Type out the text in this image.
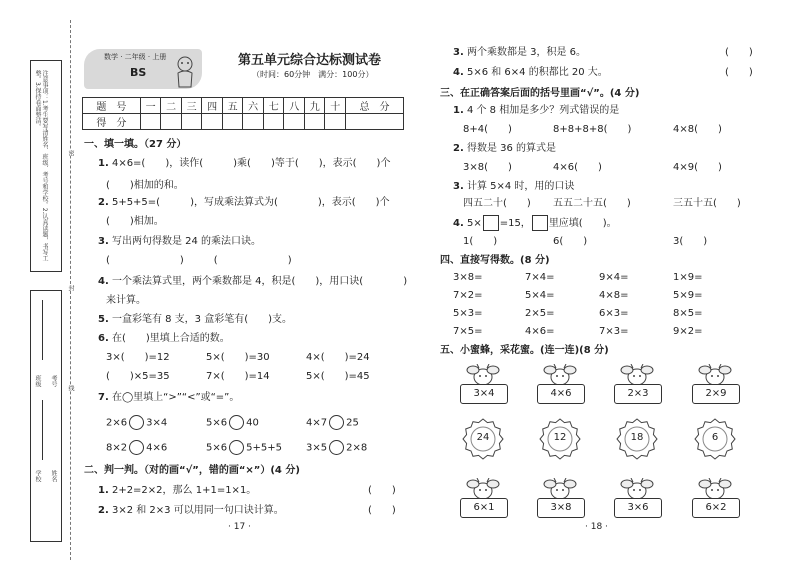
注意事项：1.考生要写清姓名、班级、考号和学校。2.认真读题，书写工整。3.保持卷面整洁。
班级 考号
学校 姓名
密
封
线
数学 · 二年级 · 上册
BS
第五单元综合达标测试卷
（时间：60分钟　满分：100分）
题　号	一	二	三	四	五	六	七	八	九	十	总　分
得　分											
一、填一填。（27 分）
1. 4×6=(　　)，读作(　　　)乘(　　)等于(　　)，表示(　　)个
(　　)相加的和。
2. 5+5+5=(　　　)，写成乘法算式为(　　　　)，表示(　　)个
(　　)相加。
3. 写出两句得数是 24 的乘法口诀。
(　　　　　　　)　　　(　　　　　　　)
4. 一个乘法算式里，两个乘数都是 4，积是(　　)，用口诀(　　　　)
来计算。
5. 一盒彩笔有 8 支，3 盒彩笔有(　　)支。
6. 在(　　)里填上合适的数。
3×(　　)=12	5×(　　)=30	4×(　　)=24
(　　)×5=35	7×(　　)=14	5×(　　)=45
7. 在◯里填上“>”“<”或“=”。
2×6 3×4	5×6 40	4×7 25
8×2 4×6	5×6 5+5+5 3×5 2×8
二、判一判。（对的画“√”，错的画“×”）(4 分)
1. 2+2=2×2，那么 1+1=1×1。	(　　)
2. 3×2 和 2×3 可以用同一句口诀计算。	(　　)
· 17 ·
3. 两个乘数都是 3，积是 6。	(　　)
4. 5×6 和 6×4 的积都比 20 大。	(　　)
三、在正确答案后面的括号里画“√”。(4 分)
1. 4 个 8 相加是多少？列式错误的是
8+4(　　)	8+8+8+8(　　)	4×8(　　)
2. 得数是 36 的算式是
3×8(　　)	4×6(　　)	4×9(　　)
3. 计算 5×4 时，用的口诀
四五二十(　　) 五五二十五(　　)	三五十五(　　)
4. 5× =15， 里应填(　　)。
1(　　)	6(　　)	3(　　)
四、直接写得数。(8 分)
3×8=	7×4=	9×4=	1×9=
7×2=	5×4=	4×8=	5×9=
5×3=	2×5=	6×3=	8×5=
7×5=	4×6=	7×3=	9×2=
五、小蜜蜂，采花蜜。(连一连)(8 分)
3×4	4×6	2×3	2×9
6×1	3×8	3×6	6×2
24	12	18	6
· 18 ·
